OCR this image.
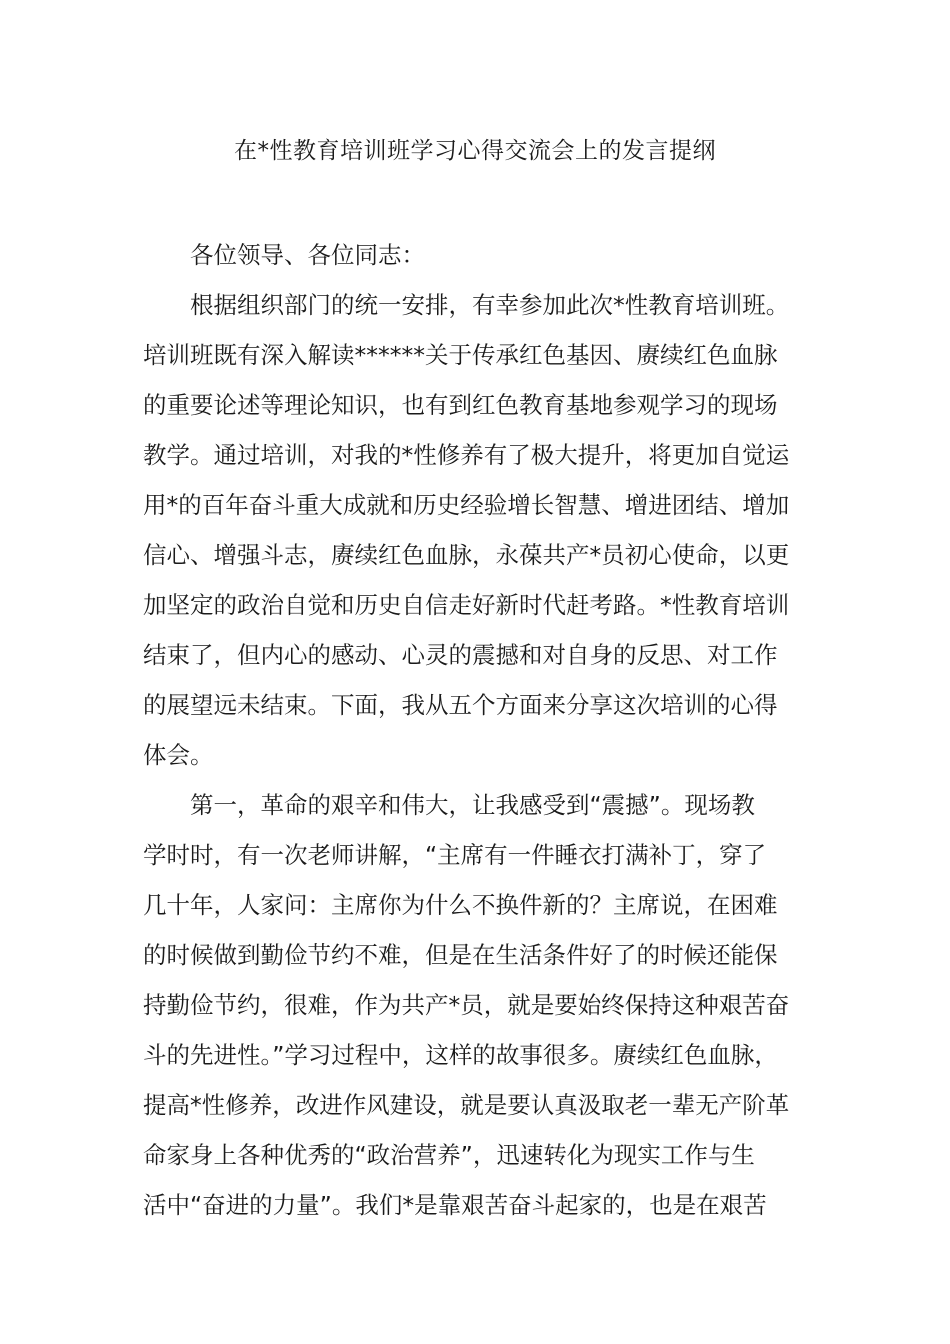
在*性教育培训班学习心得交流会上的发言提纲
各位领导、各位同志：
根据组织部门的统一安排，有幸参加此次*性教育培训班。
培训班既有深入解读******关于传承红色基因、赓续红色血脉
的重要论述等理论知识，也有到红色教育基地参观学习的现场
教学。通过培训，对我的*性修养有了极大提升，将更加自觉运
用*的百年奋斗重大成就和历史经验增长智慧、增进团结、增加
信心、增强斗志，赓续红色血脉，永葆共产*员初心使命，以更
加坚定的政治自觉和历史自信走好新时代赶考路。*性教育培训
结束了，但内心的感动、心灵的震撼和对自身的反思、对工作
的展望远未结束。下面，我从五个方面来分享这次培训的心得
体会。
第一，革命的艰辛和伟大，让我感受到“震撼”。现场教
学时时，有一次老师讲解，“主席有一件睡衣打满补丁，穿了
几十年，人家问：主席你为什么不换件新的？主席说，在困难
的时候做到勤俭节约不难，但是在生活条件好了的时候还能保
持勤俭节约，很难，作为共产*员，就是要始终保持这种艰苦奋
斗的先进性。”学习过程中，这样的故事很多。赓续红色血脉，
提高*性修养，改进作风建设，就是要认真汲取老一辈无产阶革
命家身上各种优秀的“政治营养”，迅速转化为现实工作与生
活中“奋进的力量”。我们*是靠艰苦奋斗起家的，也是在艰苦
